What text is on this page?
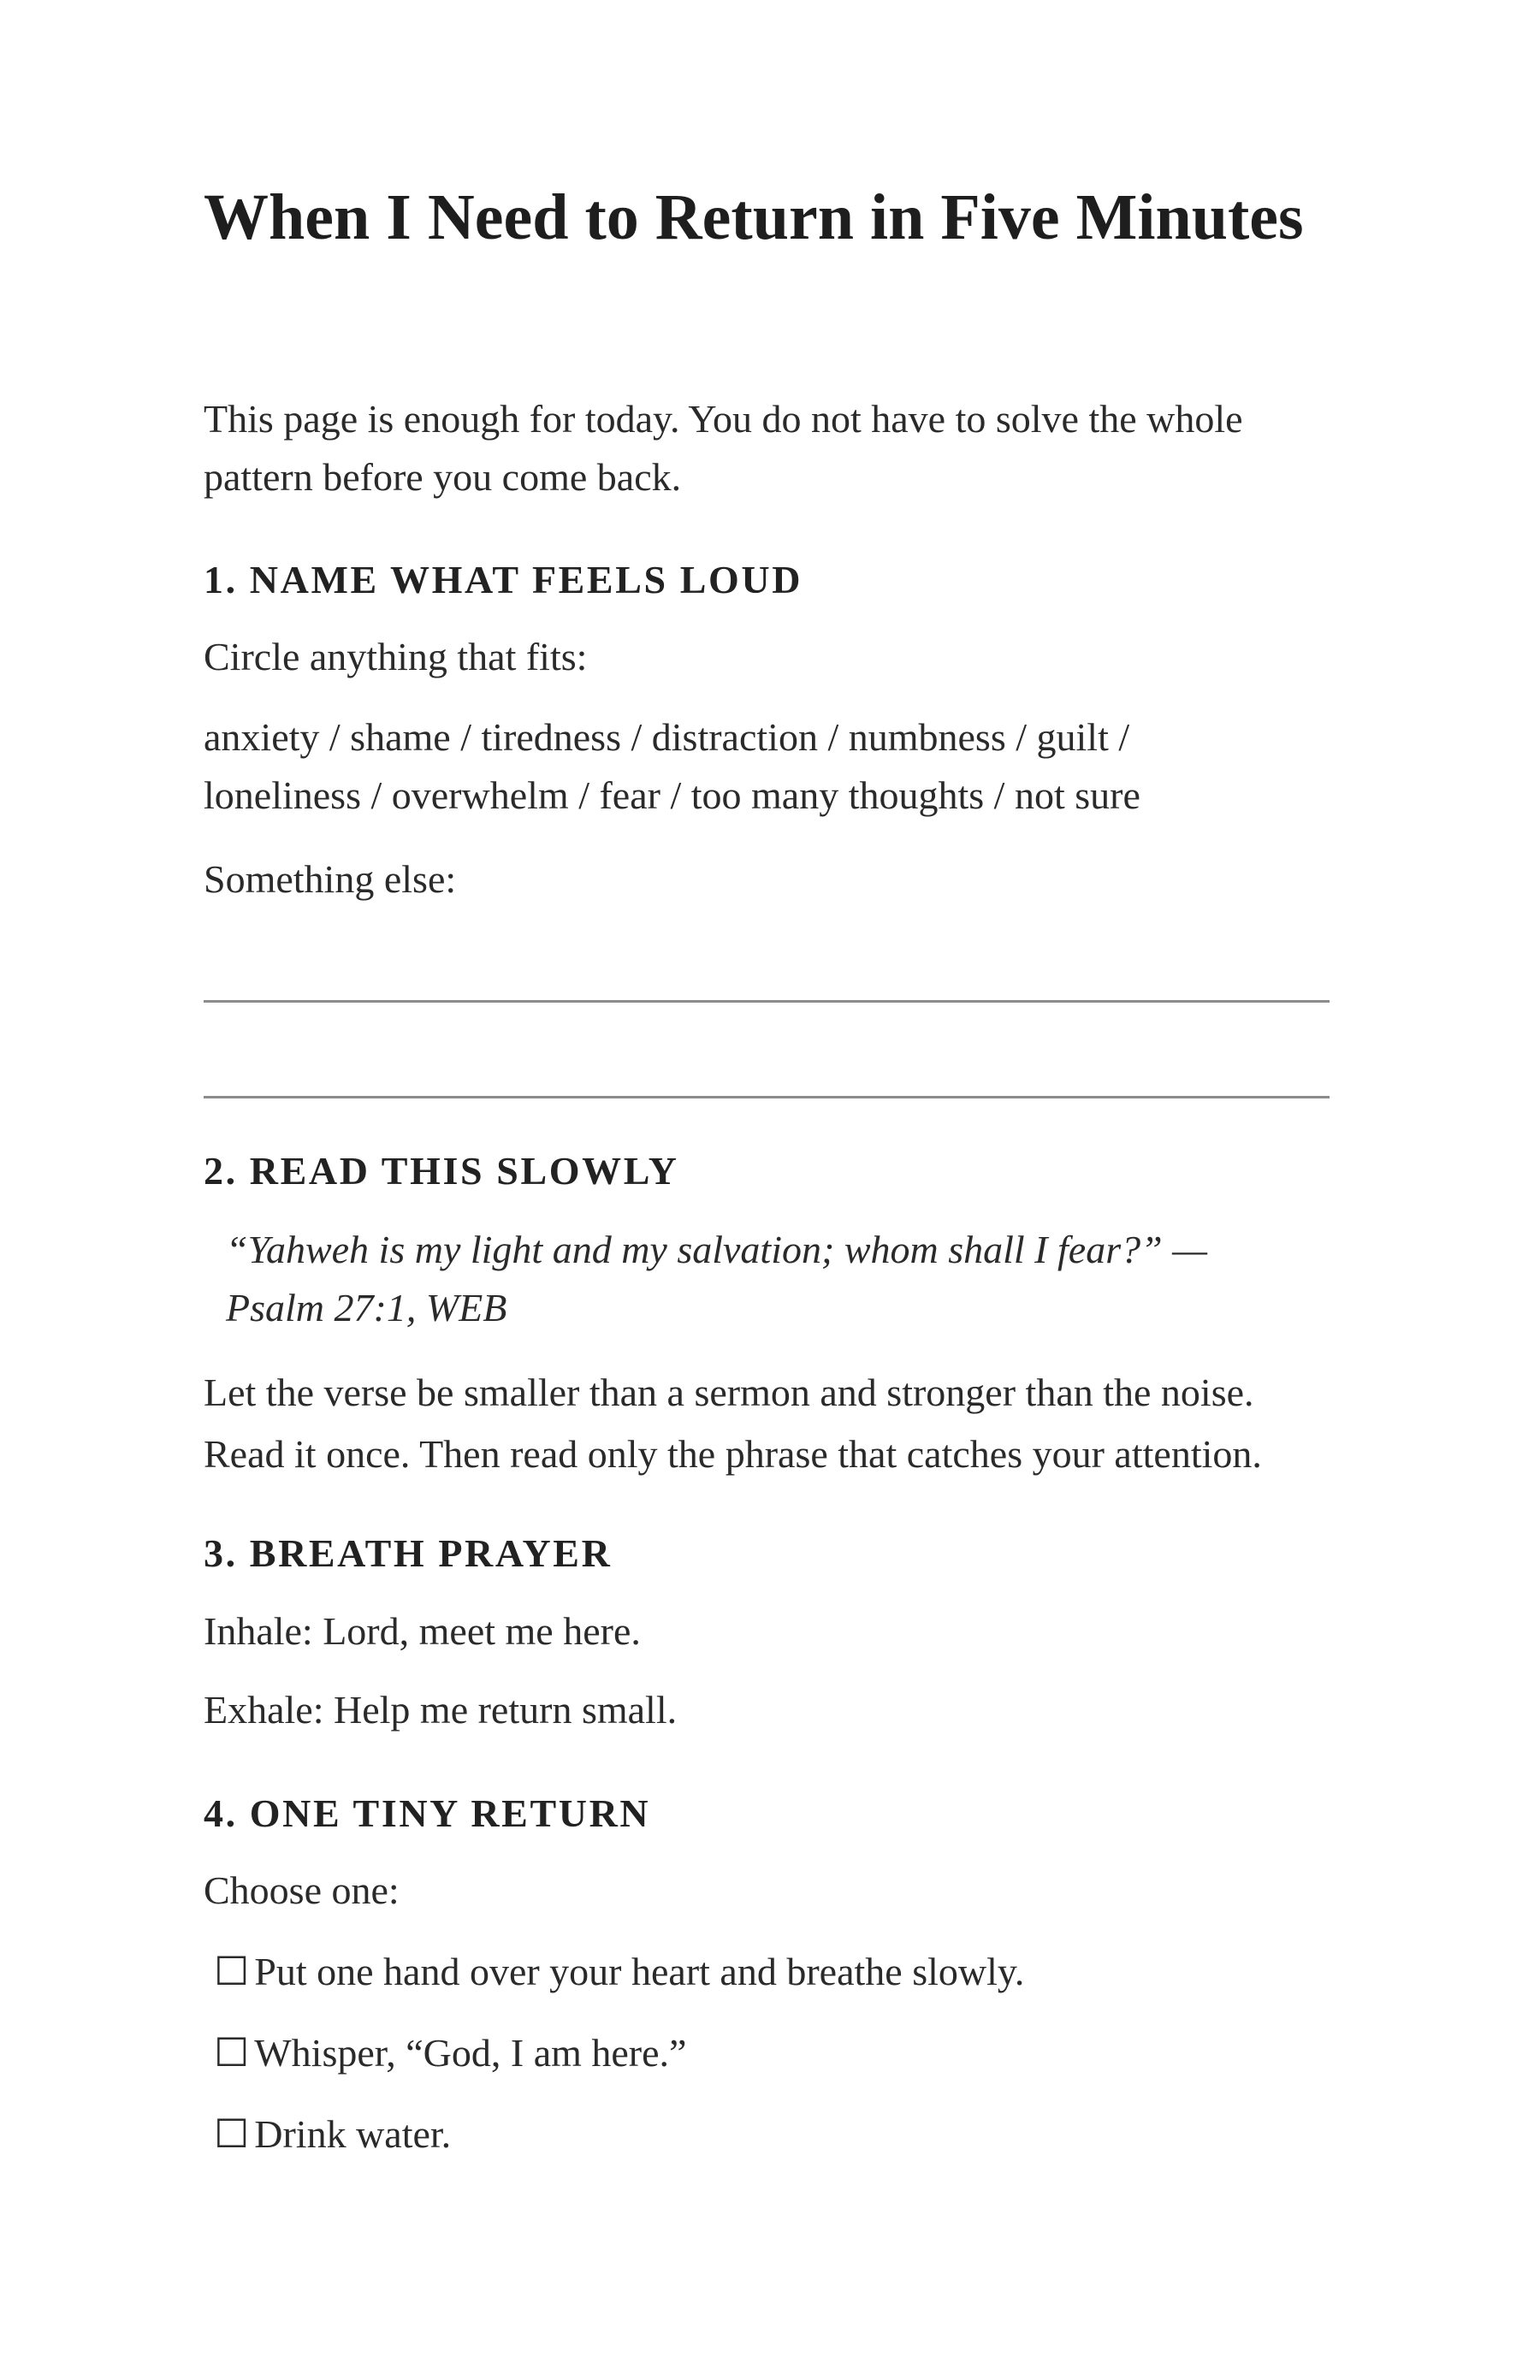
When I Need to Return in Five Minutes

This page is enough for today. You do not have to solve the whole pattern before you come back.

1. NAME WHAT FEELS LOUD

Circle anything that fits:

anxiety / shame / tiredness / distraction / numbness / guilt / loneliness / overwhelm / fear / too many thoughts / not sure

Something else:

2. READ THIS SLOWLY

“Yahweh is my light and my salvation; whom shall I fear?” — Psalm 27:1, WEB

Let the verse be smaller than a sermon and stronger than the noise. Read it once. Then read only the phrase that catches your attention.

3. BREATH PRAYER

Inhale: Lord, meet me here.

Exhale: Help me return small.

4. ONE TINY RETURN

Choose one:

☐ Put one hand over your heart and breathe slowly.

☐ Whisper, “God, I am here.”

☐ Drink water.
